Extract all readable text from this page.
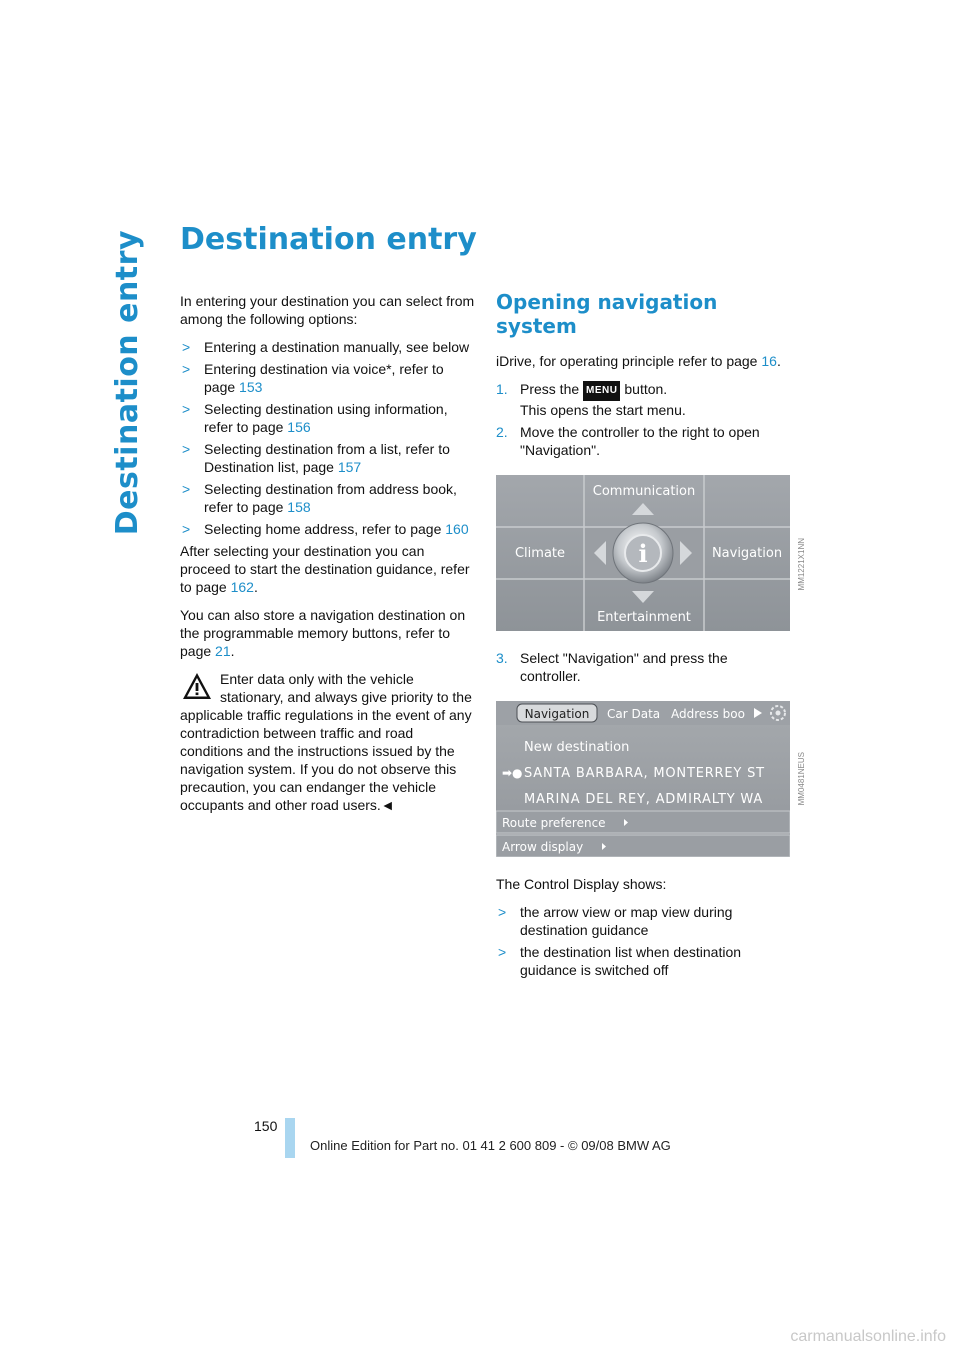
Destination entry Destination entry

In entering your destination you can select from among the following options:

> Entering a destination manually, see below
> Entering destination via voice*, refer to page 153
> Selecting destination using information, refer to page 156
> Selecting destination from a list, refer to Destination list, page 157
> Selecting destination from address book, refer to page 158
> Selecting home address, refer to page 160

After selecting your destination you can proceed to start the destination guidance, refer to page 162.

You can also store a navigation destination on the programmable memory buttons, refer to page 21.

Enter data only with the vehicle stationary, and always give priority to the applicable traffic regulations in the event of any contradiction between traffic and road conditions and the instructions issued by the navigation system. If you do not observe this precaution, you can endanger the vehicle occupants and other road users.◄

Opening navigation system

iDrive, for operating principle refer to page 16.

1. Press the MENU button.
This opens the start menu.
2. Move the controller to the right to open "Navigation".
i
Communication
Climate	Navigation
Entertainment
3. Select "Navigation" and press the controller.
Navigation Car Data Address boo
New destination
➡● SANTA BARBARA, MONTERREY ST
MARINA DEL REY, ADMIRALTY WA
Route preference
Arrow display

The Control Display shows:

> the arrow view or map view during destination guidance
> the destination list when destination guidance is switched off
MM1221X1NN
MM0481NEUS
150
Online Edition for Part no. 01 41 2 600 809 - © 09/08 BMW AG
carmanualsonline.info
